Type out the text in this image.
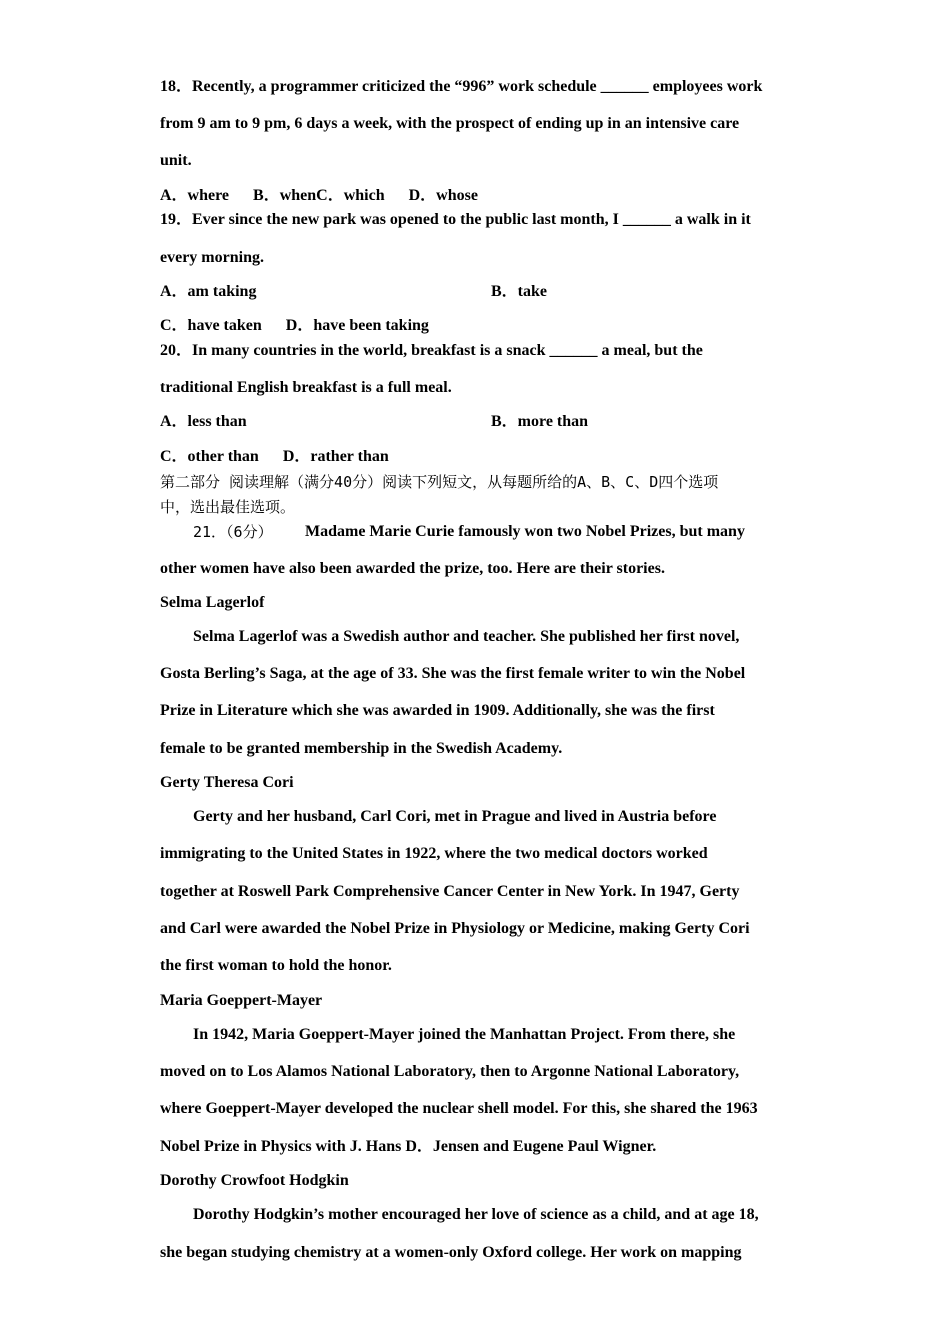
18．Recently, a programmer criticized the “996” work schedule ______ employees work
from 9 am to 9 pm, 6 days a week, with the prospect of ending up in an intensive care
unit.
A．where      B．whenC．which      D．whose
19．Ever since the new park was opened to the public last month, I ______ a walk in it
every morning.
A．am taking	B．take
C．have taken      D．have been taking
20．In many countries in the world, breakfast is a snack ______ a meal, but the
traditional English breakfast is a full meal.
A．less than	B．more than
C．other than      D．rather than
第二部分 阅读理解（满分40分）阅读下列短文，从每题所给的A、B、C、D四个选项
中，选出最佳选项。
21．（6分） Madame Marie Curie famously won two Nobel Prizes, but many
other women have also been awarded the prize, too. Here are their stories.
Selma Lagerlof
Selma Lagerlof was a Swedish author and teacher. She published her first novel,
Gosta Berling’s Saga, at the age of 33. She was the first female writer to win the Nobel
Prize in Literature which she was awarded in 1909. Additionally, she was the first
female to be granted membership in the Swedish Academy.
Gerty Theresa Cori
Gerty and her husband, Carl Cori, met in Prague and lived in Austria before
immigrating to the United States in 1922, where the two medical doctors worked
together at Roswell Park Comprehensive Cancer Center in New York. In 1947, Gerty
and Carl were awarded the Nobel Prize in Physiology or Medicine, making Gerty Cori
the first woman to hold the honor.
Maria Goeppert-Mayer
In 1942, Maria Goeppert-Mayer joined the Manhattan Project. From there, she
moved on to Los Alamos National Laboratory, then to Argonne National Laboratory,
where Goeppert-Mayer developed the nuclear shell model. For this, she shared the 1963
Nobel Prize in Physics with J. Hans D．Jensen and Eugene Paul Wigner.
Dorothy Crowfoot Hodgkin
Dorothy Hodgkin’s mother encouraged her love of science as a child, and at age 18,
she began studying chemistry at a women-only Oxford college. Her work on mapping
